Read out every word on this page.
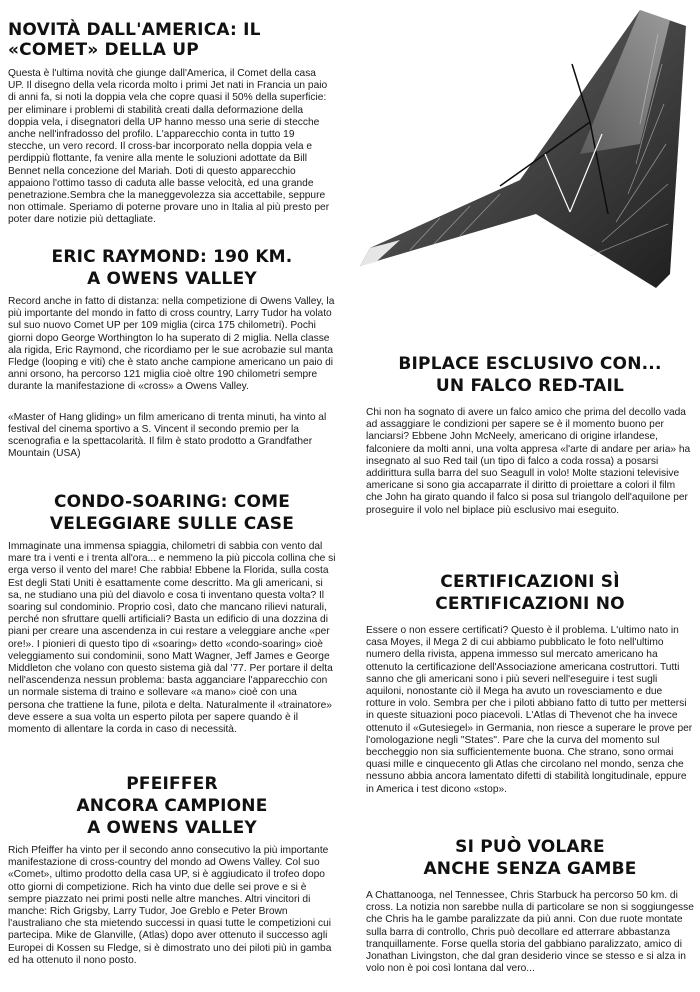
NOVITÀ DALL'AMERICA: IL «COMET» DELLA UP

Questa è l'ultima novità che giunge dall'America, il Comet della casa UP. Il disegno della vela ricorda molto i primi Jet nati in Francia un paio di anni fa, si noti la doppia vela che copre quasi il 50% della superficie: per eliminare i problemi di stabilità creati dalla deformazione della doppia vela, i disegnatori della UP hanno messo una serie di stecche anche nell'infradosso del profilo. L'apparecchio conta in tutto 19 stecche, un vero record. Il cross-bar incorporato nella doppia vela e perdippiù flottante, fa venire alla mente le soluzioni adottate da Bill Bennet nella concezione del Mariah. Doti di questo apparecchio appaiono l'ottimo tasso di caduta alle basse velocità, ed una grande penetrazione.Sembra che la maneggevolezza sia accettabile, seppure non ottimale. Speriamo di poterne provare uno in Italia al più presto per poter dare notizie più dettagliate.

ERIC RAYMOND: 190 KM.
A OWENS VALLEY

Record anche in fatto di distanza: nella competizione di Owens Valley, la più importante del mondo in fatto di cross country, Larry Tudor ha volato sul suo nuovo Comet UP per 109 miglia (circa 175 chilometri). Pochi giorni dopo George Worthington lo ha superato di 2 miglia. Nella classe ala rigida, Eric Raymond, che ricordiamo per le sue acrobazie sul manta Fledge (looping e viti) che è stato anche campione americano un paio di anni orsono, ha percorso 121 miglia cioè oltre 190 chilometri sempre durante la manifestazione di «cross» a Owens Valley.

«Master of Hang gliding» un film americano di trenta minuti, ha vinto al festival del cinema sportivo a S. Vincent il secondo premio per la scenografia e la spettacolarità. Il film è stato prodotto a Grandfather Mountain (USA)

CONDO-SOARING: COME
VELEGGIARE SULLE CASE

Immaginate una immensa spiaggia, chilometri di sabbia con vento dal mare tra i venti e i trenta all'ora... e nemmeno la più piccola collina che si erga verso il vento del mare! Che rabbia! Ebbene la Florida, sulla costa Est degli Stati Uniti è esattamente come descritto. Ma gli americani, si sa, ne studiano una più del diavolo e cosa ti inventano questa volta? Il soaring sul condominio. Proprio così, dato che mancano rilievi naturali, perché non sfruttare quelli artificiali? Basta un edificio di una dozzina di piani per creare una ascendenza in cui restare a veleggiare anche «per ore!». I pionieri di questo tipo di «soaring» detto «condo-soaring» cioè veleggiamento sui condominii, sono Matt Wagner, Jeff James e George Middleton che volano con questo sistema già dal '77. Per portare il delta nell'ascendenza nessun problema: basta agganciare l'apparecchio con un normale sistema di traino e sollevare «a mano» cioè con una persona che trattiene la fune, pilota e delta. Naturalmente il «trainatore» deve essere a sua volta un esperto pilota per sapere quando è il momento di allentare la corda in caso di necessità.

PFEIFFER
ANCORA CAMPIONE
A OWENS VALLEY

Rich Pfeiffer ha vinto per il secondo anno consecutivo la più importante manifestazione di cross-country del mondo ad Owens Valley. Col suo «Comet», ultimo prodotto della casa UP, si è aggiudicato il trofeo dopo otto giorni di competizione. Rich ha vinto due delle sei prove e si è sempre piazzato nei primi posti nelle altre manches. Altri vincitori di manche: Rich Grigsby, Larry Tudor, Joe Greblo e Peter Brown l'australiano che sta mietendo successi in quasi tutte le competizioni cui partecipa. Mike de Glanville, (Atlas) dopo aver ottenuto il successo agli Europei di Kossen su Fledge, si è dimostrato uno dei piloti più in gamba ed ha ottenuto il nono posto.

BIPLACE ESCLUSIVO CON...
UN FALCO RED-TAIL

Chi non ha sognato di avere un falco amico che prima del decollo vada ad assaggiare le condizioni per sapere se è il momento buono per lanciarsi? Ebbene John McNeely, americano di origine irlandese, falconiere da molti anni, una volta appresa «l'arte di andare per aria» ha insegnato al suo Red tail (un tipo di falco a coda rossa) a posarsi addirittura sulla barra del suo Seagull in volo! Molte stazioni televisive americane si sono gia accaparrate il diritto di proiettare a colori il film che John ha girato quando il falco si posa sul triangolo dell'aquilone per proseguire il volo nel biplace più esclusivo mai eseguito.

CERTIFICAZIONI SÌ
CERTIFICAZIONI NO

Essere o non essere certificati? Questo è il problema. L'ultimo nato in casa Moyes, il Mega 2 di cui abbiamo pubblicato le foto nell'ultimo numero della rivista, appena immesso sul mercato americano ha ottenuto la certificazione dell'Associazione americana costruttori. Tutti sanno che gli americani sono i più severi nell'eseguire i test sugli aquiloni, nonostante ciò il Mega ha avuto un rovesciamento e due rotture in volo. Sembra per che i piloti abbiano fatto di tutto per mettersi in queste situazioni poco piacevoli. L'Atlas di Thevenot che ha invece ottenuto il «Gutesiegel» in Germania, non riesce a superare le prove per l'omologazione negli "States". Pare che la curva del momento sul beccheggio non sia sufficientemente buona. Che strano, sono ormai quasi mille e cinquecento gli Atlas che circolano nel mondo, senza che nessuno abbia ancora lamentato difetti di stabilità longitudinale, eppure in America i test dicono «stop».

SI PUÒ VOLARE
ANCHE SENZA GAMBE

A Chattanooga, nel Tennessee, Chris Starbuck ha percorso 50 km. di cross. La notizia non sarebbe nulla di particolare se non si soggiungesse che Chris ha le gambe paralizzate da più anni. Con due ruote montate sulla barra di controllo, Chris può decollare ed atterrare abbastanza tranquillamente. Forse quella storia del gabbiano paralizzato, amico di Jonathan Livingston, che dal gran desiderio vince se stesso e si alza in volo non è poi così lontana dal vero...
